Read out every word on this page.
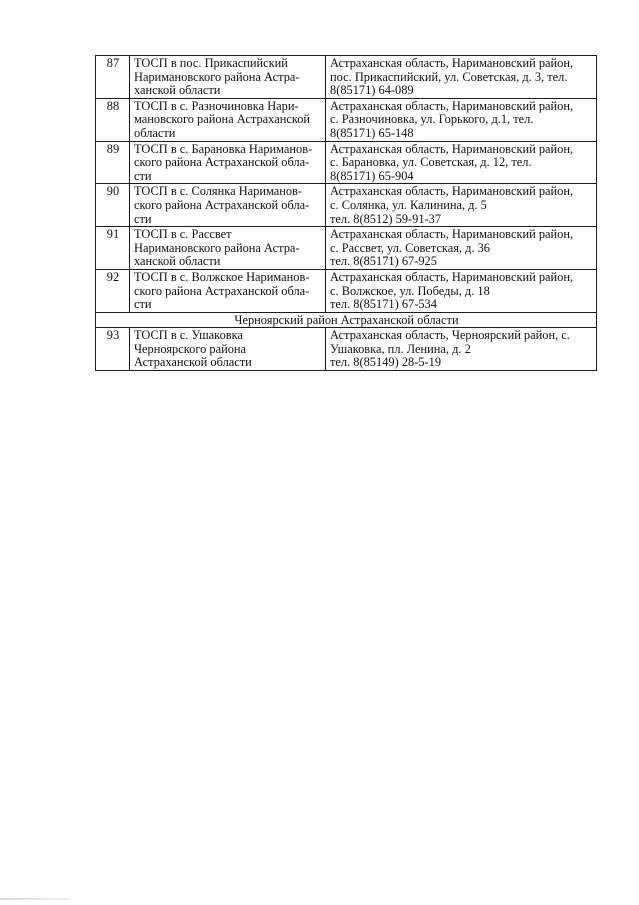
87	ТОСП в пос. Прикаспийский
Наримановского района Астра-
ханской области	Астраханская область, Наримановский район,
пос. Прикаспийский, ул. Советская, д. 3, тел.
8(85171) 64-089
88	ТОСП в с. Разночиновка Нари-
мановского района Астраханской
области	Астраханская область, Наримановский район,
с. Разночиновка, ул. Горького, д.1, тел.
8(85171) 65-148
89	ТОСП в с. Барановка Нариманов-
ского района Астраханской обла-
сти	Астраханская область, Наримановский район,
с. Барановка, ул. Советская, д. 12, тел.
8(85171) 65-904
90	ТОСП в с. Солянка Нариманов-
ского района Астраханской обла-
сти	Астраханская область, Наримановский район,
с. Солянка, ул. Калинина, д. 5
тел. 8(8512) 59-91-37
91	ТОСП в с. Рассвет
Наримановского района Астра-
ханской области	Астраханская область, Наримановский район,
с. Рассвет, ул. Советская, д. 36
тел. 8(85171) 67-925
92	ТОСП в с. Волжское Нариманов-
ского района Астраханской обла-
сти	Астраханская область, Наримановский район,
с. Волжское, ул. Победы, д. 18
тел. 8(85171) 67-534
Черноярский район Астраханской области		
93	ТОСП в с. Ушаковка
Черноярского района
Астраханской области	Астраханская область, Черноярский район, с.
Ушаковка, пл. Ленина, д. 2
тел. 8(85149) 28-5-19
